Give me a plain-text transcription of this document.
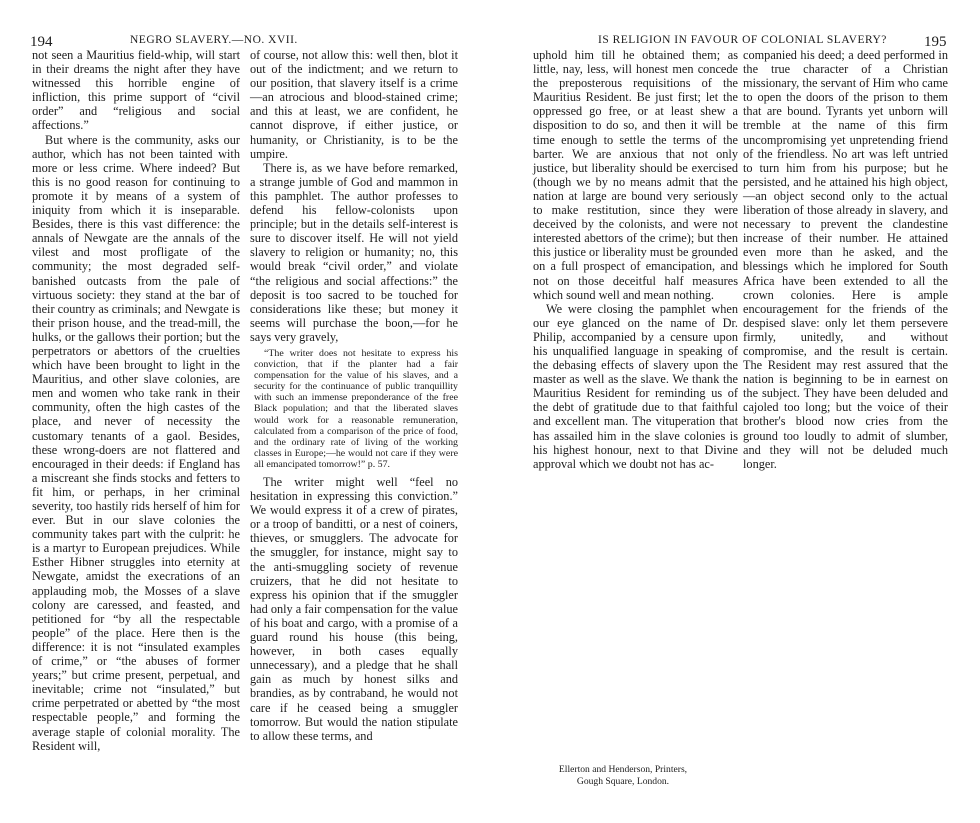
194	NEGRO SLAVERY.—NO. XVII.	IS RELIGION IN FAVOUR OF COLONIAL SLAVERY? 195

not seen a Mauritius field-whip, will start in their dreams the night after they have witnessed this horrible engine of infliction, this prime support of “civil order” and “religious and social affections.”

But where is the community, asks our author, which has not been tainted with more or less crime. Where indeed? But this is no good reason for continuing to promote it by means of a system of iniquity from which it is inseparable. Besides, there is this vast difference: the annals of Newgate are the annals of the vilest and most profligate of the community; the most degraded self-banished outcasts from the pale of virtuous society: they stand at the bar of their country as criminals; and Newgate is their prison house, and the tread-mill, the hulks, or the gallows their portion; but the perpetrators or abettors of the cruelties which have been brought to light in the Mauritius, and other slave colonies, are men and women who take rank in their community, often the high castes of the place, and never of necessity the customary tenants of a gaol. Besides, these wrong-doers are not flattered and encouraged in their deeds: if England has a miscreant she finds stocks and fetters to fit him, or perhaps, in her criminal severity, too hastily rids herself of him for ever. But in our slave colonies the community takes part with the culprit: he is a martyr to European prejudices. While Esther Hibner struggles into eternity at Newgate, amidst the execrations of an applauding mob, the Mosses of a slave colony are caressed, and feasted, and petitioned for “by all the respectable people” of the place. Here then is the difference: it is not “insulated examples of crime,” or “the abuses of former years;” but crime present, perpetual, and inevitable; crime not “insulated,” but crime perpetrated or abetted by “the most respectable people,” and forming the average staple of colonial morality. The Resident will,

of course, not allow this: well then, blot it out of the indictment; and we return to our position, that slavery itself is a crime—an atrocious and blood-stained crime; and this at least, we are confident, he cannot disprove, if either justice, or humanity, or Christianity, is to be the umpire.

There is, as we have before remarked, a strange jumble of God and mammon in this pamphlet. The author professes to defend his fellow-colonists upon principle; but in the details self-interest is sure to discover itself. He will not yield slavery to religion or humanity; no, this would break “civil order,” and violate “the religious and social affections:” the deposit is too sacred to be touched for considerations like these; but money it seems will purchase the boon,—for he says very gravely,

“The writer does not hesitate to express his conviction, that if the planter had a fair compensation for the value of his slaves, and a security for the continuance of public tranquillity with such an immense preponderance of the free Black population; and that the liberated slaves would work for a reasonable remuneration, calculated from a comparison of the price of food, and the ordinary rate of living of the working classes in Europe;—he would not care if they were all emancipated tomorrow!” p. 57.

The writer might well “feel no hesitation in expressing this conviction.” We would express it of a crew of pirates, or a troop of banditti, or a nest of coiners, thieves, or smugglers. The advocate for the smuggler, for instance, might say to the anti-smuggling society of revenue cruizers, that he did not hesitate to express his opinion that if the smuggler had only a fair compensation for the value of his boat and cargo, with a promise of a guard round his house (this being, however, in both cases equally unnecessary), and a pledge that he shall gain as much by honest silks and brandies, as by contraband, he would not care if he ceased being a smuggler tomorrow. But would the nation stipulate to allow these terms, and

uphold him till he obtained them; as little, nay, less, will honest men concede the preposterous requisitions of the Mauritius Resident. Be just first; let the oppressed go free, or at least shew a disposition to do so, and then it will be time enough to settle the terms of the barter. We are anxious that not only justice, but liberality should be exercised (though we by no means admit that the nation at large are bound very seriously to make restitution, since they were deceived by the colonists, and were not interested abettors of the crime); but then this justice or liberality must be grounded on a full prospect of emancipation, and not on those deceitful half measures which sound well and mean nothing.

We were closing the pamphlet when our eye glanced on the name of Dr. Philip, accompanied by a censure upon his unqualified language in speaking of the debasing effects of slavery upon the master as well as the slave. We thank the Mauritius Resident for reminding us of the debt of gratitude due to that faithful and excellent man. The vituperation that has assailed him in the slave colonies is his highest honour, next to that Divine approval which we doubt not has ac-

companied his deed; a deed performed in the true character of a Christian missionary, the servant of Him who came to open the doors of the prison to them that are bound. Tyrants yet unborn will tremble at the name of this firm uncompromising yet unpretending friend of the friendless. No art was left untried to turn him from his purpose; but he persisted, and he attained his high object,—an object second only to the actual liberation of those already in slavery, and necessary to prevent the clandestine increase of their number. He attained even more than he asked, and the blessings which he implored for South Africa have been extended to all the crown colonies. Here is ample encouragement for the friends of the despised slave: only let them persevere firmly, unitedly, and without compromise, and the result is certain. The Resident may rest assured that the nation is beginning to be in earnest on the subject. They have been deluded and cajoled too long; but the voice of their brother's blood now cries from the ground too loudly to admit of slumber, and they will not be deluded much longer.

Ellerton and Henderson, Printers,
Gough Square, London.
